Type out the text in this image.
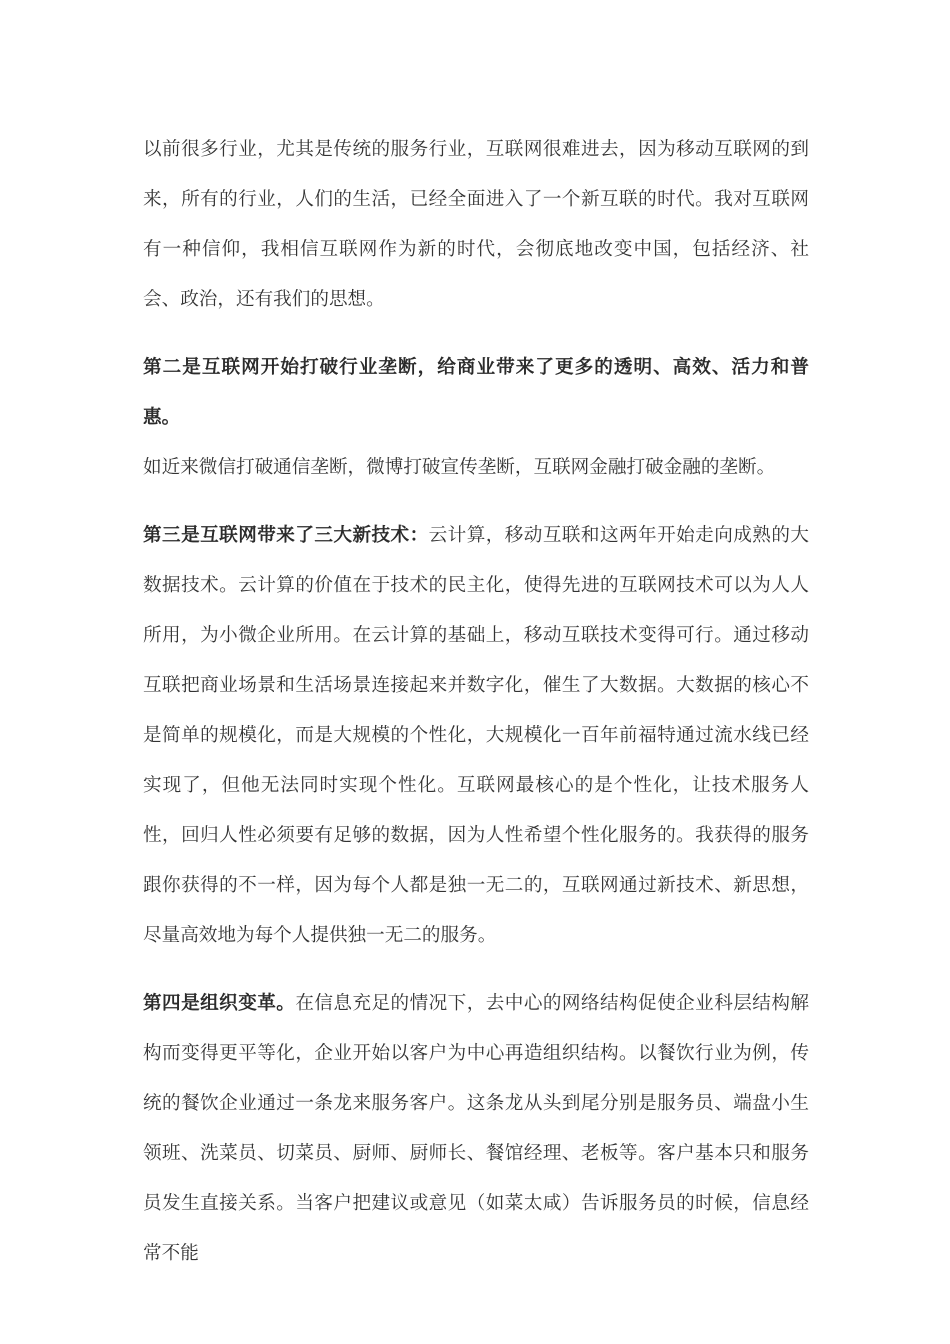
以前很多行业，尤其是传统的服务行业，互联网很难进去，因为移动互联网的到来，所有的行业，人们的生活，已经全面进入了一个新互联的时代。我对互联网有一种信仰，我相信互联网作为新的时代，会彻底地改变中国，包括经济、社会、政治，还有我们的思想。

第二是互联网开始打破行业垄断，给商业带来了更多的透明、高效、活力和普惠。

如近来微信打破通信垄断，微博打破宣传垄断，互联网金融打破金融的垄断。

第三是互联网带来了三大新技术：云计算，移动互联和这两年开始走向成熟的大数据技术。云计算的价值在于技术的民主化，使得先进的互联网技术可以为人人所用，为小微企业所用。在云计算的基础上，移动互联技术变得可行。通过移动互联把商业场景和生活场景连接起来并数字化，催生了大数据。大数据的核心不是简单的规模化，而是大规模的个性化，大规模化一百年前福特通过流水线已经实现了，但他无法同时实现个性化。互联网最核心的是个性化，让技术服务人性，回归人性必须要有足够的数据，因为人性希望个性化服务的。我获得的服务跟你获得的不一样，因为每个人都是独一无二的，互联网通过新技术、新思想，尽量高效地为每个人提供独一无二的服务。

第四是组织变革。在信息充足的情况下，去中心的网络结构促使企业科层结构解构而变得更平等化，企业开始以客户为中心再造组织结构。以餐饮行业为例，传统的餐饮企业通过一条龙来服务客户。这条龙从头到尾分别是服务员、端盘小生领班、洗菜员、切菜员、厨师、厨师长、餐馆经理、老板等。客户基本只和服务员发生直接关系。当客户把建议或意见（如菜太咸）告诉服务员的时候，信息经常不能
